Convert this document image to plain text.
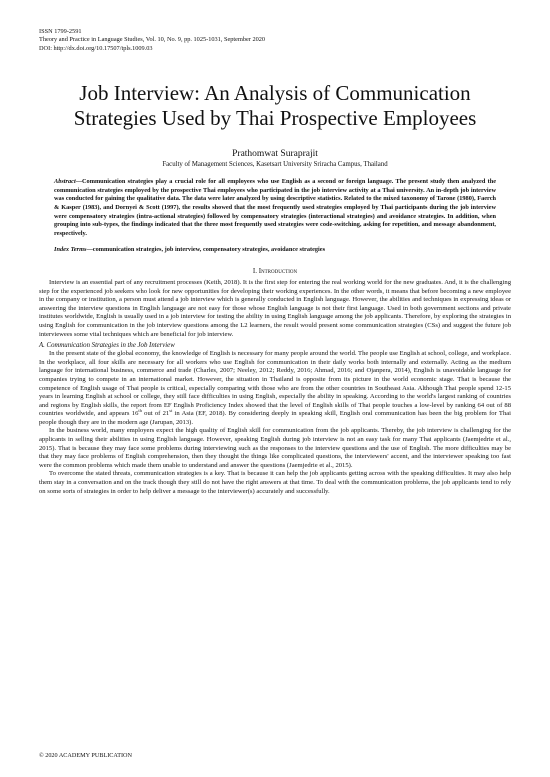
ISSN 1799-2591
Theory and Practice in Language Studies, Vol. 10, No. 9, pp. 1025-1031, September 2020
DOI: http://dx.doi.org/10.17507/tpls.1009.03
Job Interview: An Analysis of Communication Strategies Used by Thai Prospective Employees
Prathomwat Suraprajit
Faculty of Management Sciences, Kasetsart University Sriracha Campus, Thailand

Abstract—Communication strategies play a crucial role for all employees who use English as a second or foreign language. The present study then analyzed the communication strategies employed by the prospective Thai employees who participated in the job interview activity at a Thai university. An in-depth job interview was conducted for gaining the qualitative data. The data were later analyzed by using descriptive statistics. Related to the mixed taxonomy of Tarone (1980), Faerch & Kasper (1983), and Dornyei & Scott (1997), the results showed that the most frequently used strategies employed by Thai participants during the job interview were compensatory strategies (intra-actional strategies) followed by compensatory strategies (interactional strategies) and avoidance strategies. In addition, when grouping into sub-types, the findings indicated that the three most frequently used strategies were code-switching, asking for repetition, and message abandonment, respectively.

Index Terms—communication strategies, job interview, compensatory strategies, avoidance strategies

I. Introduction

Interview is an essential part of any recruitment processes (Keith, 2018). It is the first step for entering the real working world for the new graduates. And, it is the challenging step for the experienced job seekers who look for new opportunities for developing their working experiences. In the other words, it means that before becoming a new employee in the company or institution, a person must attend a job interview which is generally conducted in English language. However, the abilities and techniques in expressing ideas or answering the interview questions in English language are not easy for those whose English language is not their first language. Used in both government sections and private institutes worldwide, English is usually used in a job interview for testing the ability in using English language among the job applicants. Therefore, by exploring the strategies in using English for communication in the job interview questions among the L2 learners, the result would present some communication strategies (CSs) and suggest the future job interviewees some vital techniques which are beneficial for job interview.

A. Communication Strategies in the Job Interview

In the present state of the global economy, the knowledge of English is necessary for many people around the world. The people use English at school, college, and workplace. In the workplace, all four skills are necessary for all workers who use English for communication in their daily works both internally and externally. Acting as the medium language for international business, commerce and trade (Charles, 2007; Neeley, 2012; Reddy, 2016; Ahmad, 2016; and Ojanpera, 2014), English is unavoidable language for companies trying to compete in an international market. However, the situation in Thailand is opposite from its picture in the world economic stage. That is because the competence of English usage of Thai people is critical, especially comparing with those who are from the other countries in Southeast Asia. Although Thai people spend 12-15 years in learning English at school or college, they still face difficulties in using English, especially the ability in speaking. According to the world's largest ranking of countries and regions by English skills, the report from EF English Proficiency Index showed that the level of English skills of Thai people touches a low-level by ranking 64 out of 88 countries worldwide, and appears 16th out of 21st in Asia (EF, 2018). By considering deeply in speaking skill, English oral communication has been the big problem for Thai people though they are in the modern age (Jarupan, 2013).

In the business world, many employers expect the high quality of English skill for communication from the job applicants. Thereby, the job interview is challenging for the applicants in selling their abilities in using English language. However, speaking English during job interview is not an easy task for many Thai applicants (Jaemjedrie et al., 2015). That is because they may face some problems during interviewing such as the responses to the interview questions and the use of English. The more difficulties may be that they may face problems of English comprehension, then they thought the things like complicated questions, the interviewers' accent, and the interviewer speaking too fast were the common problems which made them unable to understand and answer the questions (Jaemjedrie et al., 2015).

To overcome the stated threats, communication strategies is a key. That is because it can help the job applicants getting across with the speaking difficulties. It may also help them stay in a conversation and on the track though they still do not have the right answers at that time. To deal with the communication problems, the job applicants tend to rely on some sorts of strategies in order to help deliver a message to the interviewer(s) accurately and successfully.

© 2020 ACADEMY PUBLICATION
